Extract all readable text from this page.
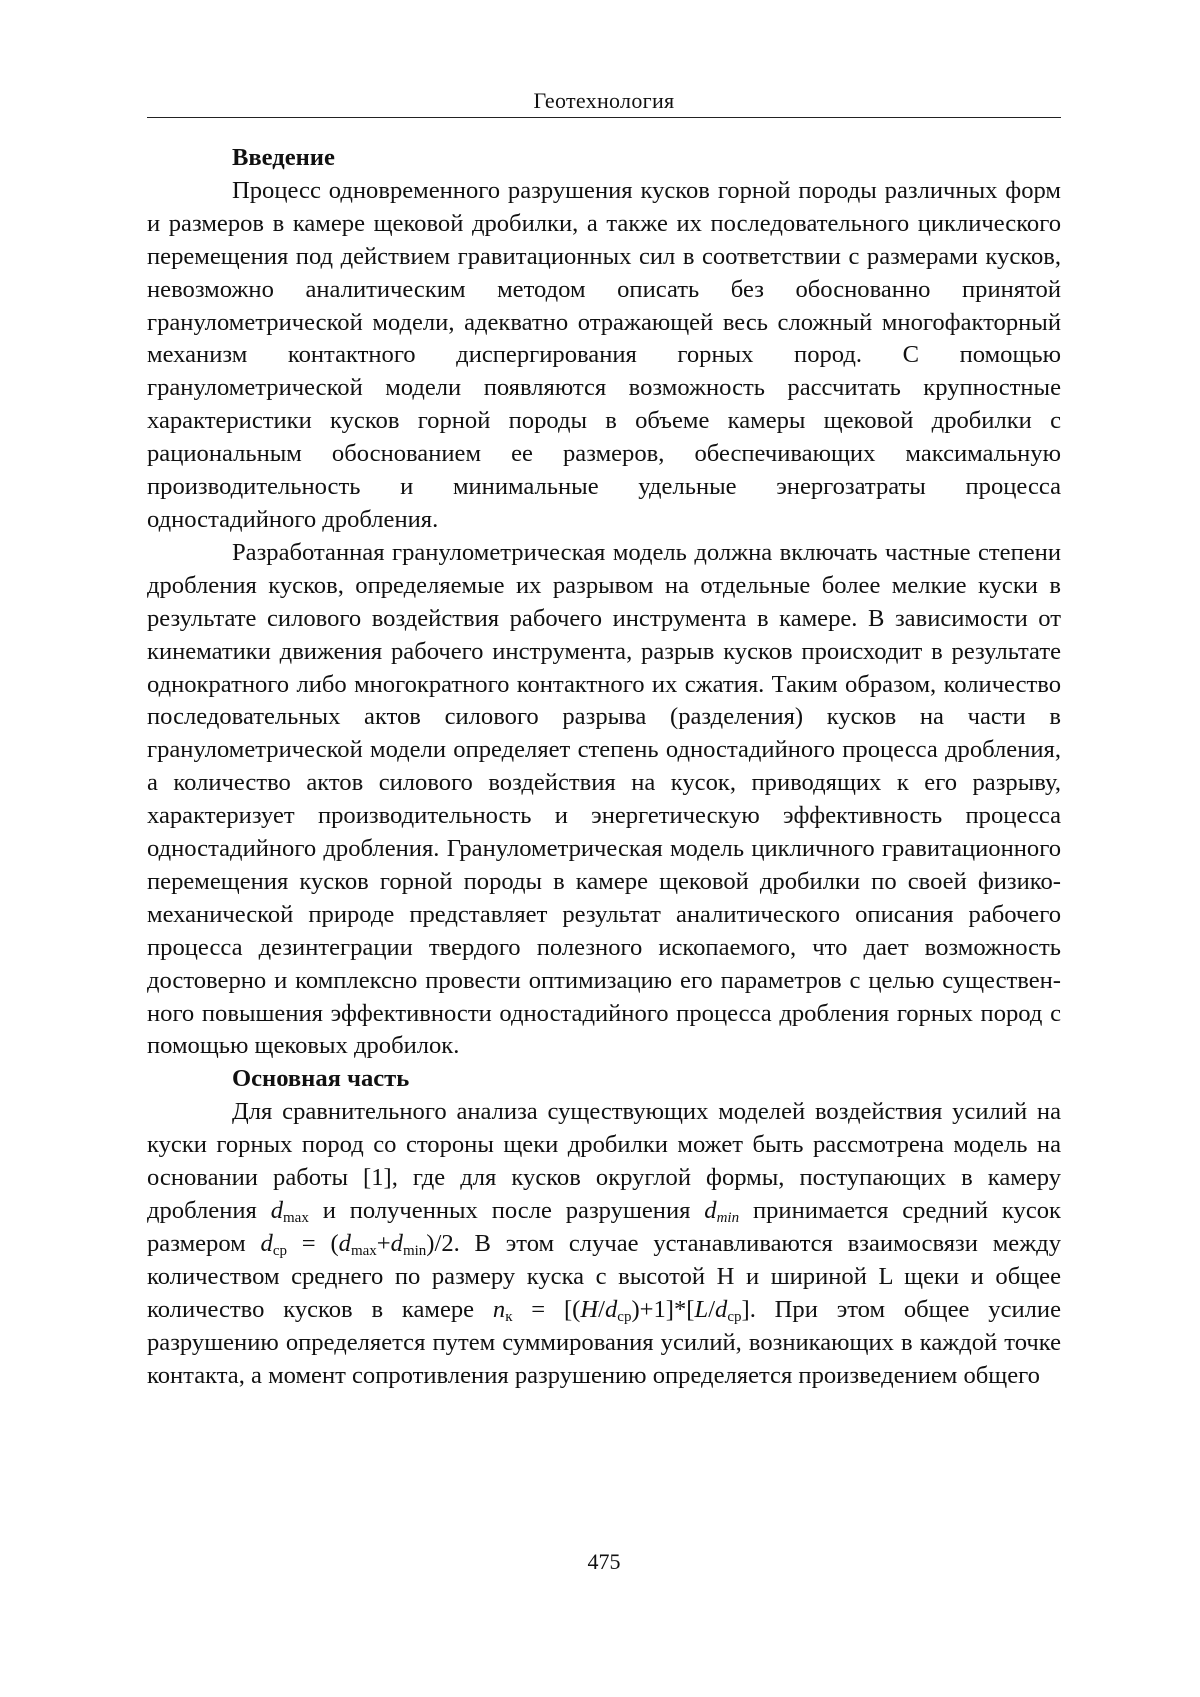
Геотехнология
Введение

Процесс одновременного разрушения кусков горной породы различных форм и размеров в камере щековой дробилки, а также их последовательного циклического перемещения под действием гравитационных сил в соответствии с размерами кусков, невозможно аналитическим методом описать без обоснованно принятой гранулометрической модели, адекватно отражающей весь сложный многофакторный механизм контактного диспергирования горных пород. С помощью гранулометрической модели появляются возможность рассчитать крупностные характеристики кусков горной породы в объеме камеры щековой дробилки с рациональным обоснованием ее размеров, обеспечивающих максимальную производительность и минимальные удельные энергозатраты процесса одностадийного дробления.

Разработанная гранулометрическая модель должна включать частные степени дробления кусков, определяемые их разрывом на отдельные более мелкие куски в результате силового воздействия рабочего инструмента в камере. В зависимости от кинематики движения рабочего инструмента, разрыв кусков происходит в результате однократного либо многократного контактного их сжатия. Таким образом, количество последовательных актов силового разрыва (разделения) кусков на части в гранулометрической модели определяет степень одностадийного процесса дробления, а количество актов силового воздействия на кусок, приводящих к его разрыву, характеризует производительность и энергетическую эффективность процесса одностадийного дробления. Гранулометрическая модель цикличного гравитационного перемещения кусков горной породы в камере щековой дробилки по своей физико-механической природе представляет результат аналитического описания рабочего процесса дезинтеграции твердого полезного ископаемого, что дает возможность достоверно и комплексно провести оптимизацию его параметров с целью существенного повышения эффективности одностадийного процесса дробления горных пород с помощью щековых дробилок.

Основная часть

Для сравнительного анализа существующих моделей воздействия усилий на куски горных пород со стороны щеки дробилки может быть рассмотрена модель на основании работы [1], где для кусков округлой формы, поступающих в камеру дробления $d_{max}$ и полученных после разрушения $d_{min}$ принимается средний кусок размером $d_{ср} = (d_{max}+d_{min})/2$. В этом случае устанавливаются взаимосвязи между количеством среднего по размеру куска с высотой H и шириной L щеки и общее количество кусков в камере $n_к = [(H/d_{ср})+1]*[L/d_{ср}]$. При этом общее усилие разрушению определяется путем суммирования усилий, возникающих в каждой точке контакта, а момент сопротивления разрушению определяется произведением общего

475
